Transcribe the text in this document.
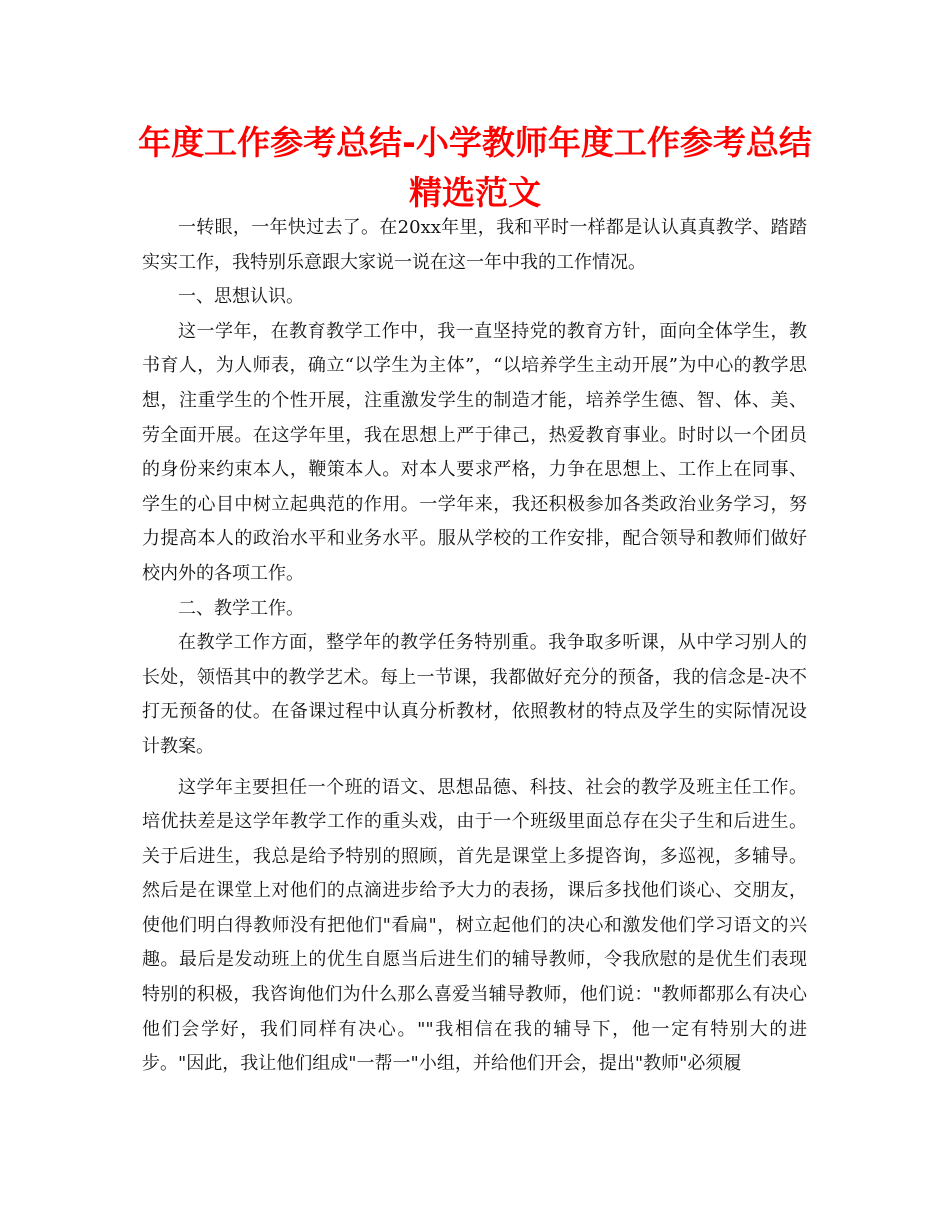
年度工作参考总结-小学教师年度工作参考总结精选范文

一转眼，一年快过去了。在20xx年里，我和平时一样都是认认真真教学、踏踏实实工作，我特别乐意跟大家说一说在这一年中我的工作情况。

一、思想认识。

这一学年，在教育教学工作中，我一直坚持党的教育方针，面向全体学生，教书育人，为人师表，确立“以学生为主体”，“以培养学生主动开展”为中心的教学思想，注重学生的个性开展，注重激发学生的制造才能，培养学生德、智、体、美、劳全面开展。在这学年里，我在思想上严于律己，热爱教育事业。时时以一个团员的身份来约束本人，鞭策本人。对本人要求严格，力争在思想上、工作上在同事、学生的心目中树立起典范的作用。一学年来，我还积极参加各类政治业务学习，努力提高本人的政治水平和业务水平。服从学校的工作安排，配合领导和教师们做好校内外的各项工作。

二、教学工作。

在教学工作方面，整学年的教学任务特别重。我争取多听课，从中学习别人的长处，领悟其中的教学艺术。每上一节课，我都做好充分的预备，我的信念是-决不打无预备的仗。在备课过程中认真分析教材，依照教材的特点及学生的实际情况设计教案。

这学年主要担任一个班的语文、思想品德、科技、社会的教学及班主任工作。培优扶差是这学年教学工作的重头戏，由于一个班级里面总存在尖子生和后进生。关于后进生，我总是给予特别的照顾，首先是课堂上多提咨询，多巡视，多辅导。然后是在课堂上对他们的点滴进步给予大力的表扬，课后多找他们谈心、交朋友，使他们明白得教师没有把他们"看扁"，树立起他们的决心和激发他们学习语文的兴趣。最后是发动班上的优生自愿当后进生们的辅导教师，令我欣慰的是优生们表现特别的积极，我咨询他们为什么那么喜爱当辅导教师，他们说："教师都那么有决心他们会学好，我们同样有决心。""我相信在我的辅导下，他一定有特别大的进步。"因此，我让他们组成"一帮一"小组，并给他们开会，提出"教师"必须履
